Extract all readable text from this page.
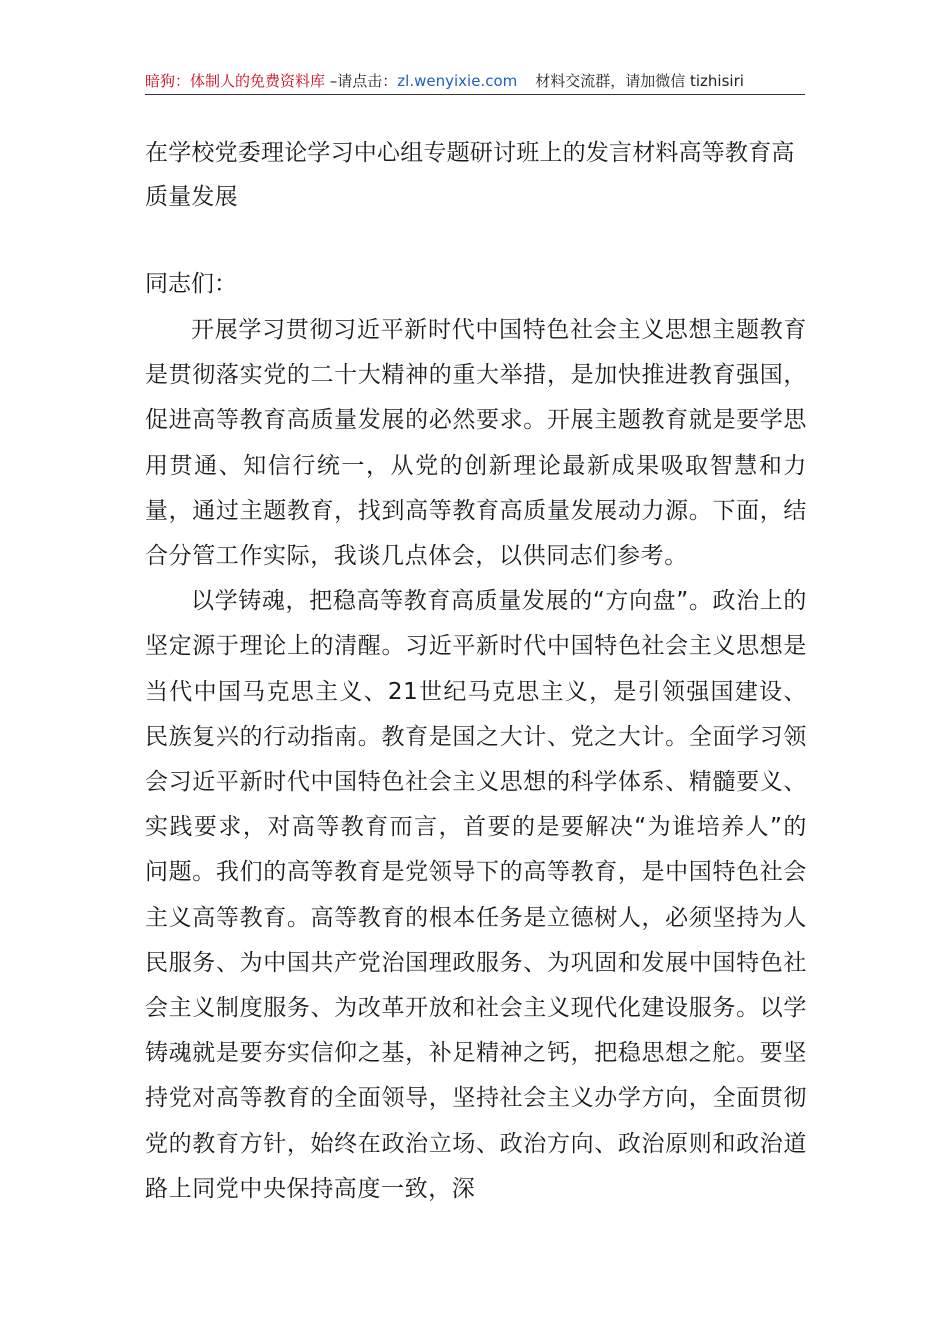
暗狗：体制人的免费资料库 –请点击：zl.wenyixie.com 材料交流群，请加微信 tizhisiri
在学校党委理论学习中心组专题研讨班上的发言材料高等教育高质量发展
同志们：

开展学习贯彻习近平新时代中国特色社会主义思想主题教育是贯彻落实党的二十大精神的重大举措，是加快推进教育强国，促进高等教育高质量发展的必然要求。开展主题教育就是要学思用贯通、知信行统一，从党的创新理论最新成果吸取智慧和力量，通过主题教育，找到高等教育高质量发展动力源。下面，结合分管工作实际，我谈几点体会，以供同志们参考。

以学铸魂，把稳高等教育高质量发展的“方向盘”。政治上的坚定源于理论上的清醒。习近平新时代中国特色社会主义思想是当代中国马克思主义、21世纪马克思主义，是引领强国建设、民族复兴的行动指南。教育是国之大计、党之大计。全面学习领会习近平新时代中国特色社会主义思想的科学体系、精髓要义、实践要求，对高等教育而言，首要的是要解决“为谁培养人”的问题。我们的高等教育是党领导下的高等教育，是中国特色社会主义高等教育。高等教育的根本任务是立德树人，必须坚持为人民服务、为中国共产党治国理政服务、为巩固和发展中国特色社会主义制度服务、为改革开放和社会主义现代化建设服务。以学铸魂就是要夯实信仰之基，补足精神之钙，把稳思想之舵。要坚持党对高等教育的全面领导，坚持社会主义办学方向，全面贯彻党的教育方针，始终在政治立场、政治方向、政治原则和政治道路上同党中央保持高度一致，深
